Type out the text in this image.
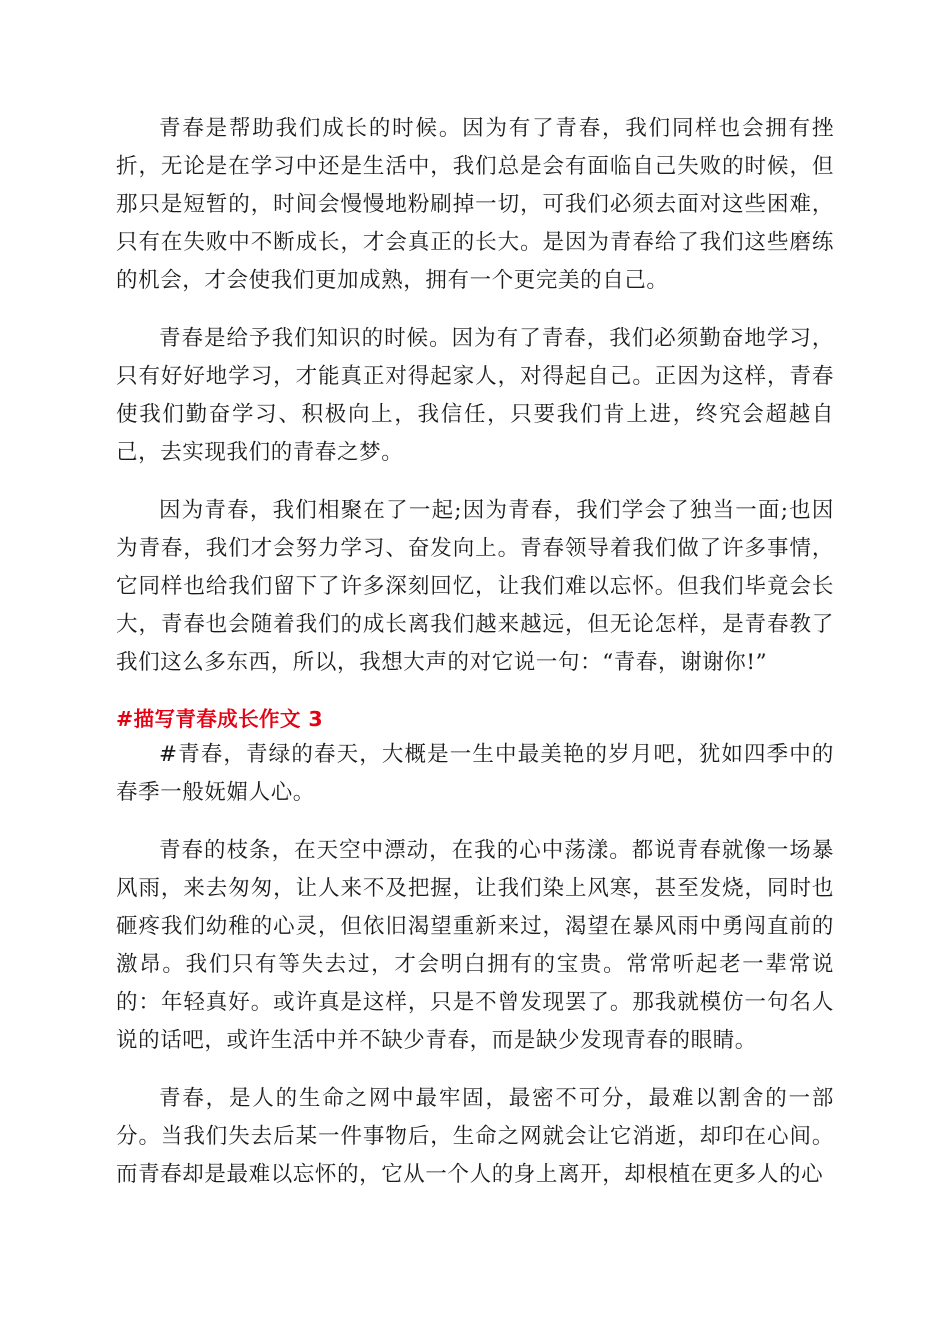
青春是帮助我们成长的时候。因为有了青春，我们同样也会拥有挫折，无论是在学习中还是生活中，我们总是会有面临自己失败的时候，但那只是短暂的，时间会慢慢地粉刷掉一切，可我们必须去面对这些困难，只有在失败中不断成长，才会真正的长大。是因为青春给了我们这些磨练的机会，才会使我们更加成熟，拥有一个更完美的自己。

青春是给予我们知识的时候。因为有了青春，我们必须勤奋地学习，只有好好地学习，才能真正对得起家人，对得起自己。正因为这样，青春使我们勤奋学习、积极向上，我信任，只要我们肯上进，终究会超越自己，去实现我们的青春之梦。

因为青春，我们相聚在了一起;因为青春，我们学会了独当一面;也因为青春，我们才会努力学习、奋发向上。青春领导着我们做了许多事情，它同样也给我们留下了许多深刻回忆，让我们难以忘怀。但我们毕竟会长大，青春也会随着我们的成长离我们越来越远，但无论怎样，是青春教了我们这么多东西，所以，我想大声的对它说一句：“青春，谢谢你!”

#描写青春成长作文 3

#青春，青绿的春天，大概是一生中最美艳的岁月吧，犹如四季中的春季一般妩媚人心。

青春的枝条，在天空中漂动，在我的心中荡漾。都说青春就像一场暴风雨，来去匆匆，让人来不及把握，让我们染上风寒，甚至发烧，同时也砸疼我们幼稚的心灵，但依旧渴望重新来过，渴望在暴风雨中勇闯直前的激昂。我们只有等失去过，才会明白拥有的宝贵。常常听起老一辈常说的：年轻真好。或许真是这样，只是不曾发现罢了。那我就模仿一句名人说的话吧，或许生活中并不缺少青春，而是缺少发现青春的眼睛。

青春，是人的生命之网中最牢固，最密不可分，最难以割舍的一部分。当我们失去后某一件事物后，生命之网就会让它消逝，却印在心间。而青春却是最难以忘怀的，它从一个人的身上离开，却根植在更多人的心
